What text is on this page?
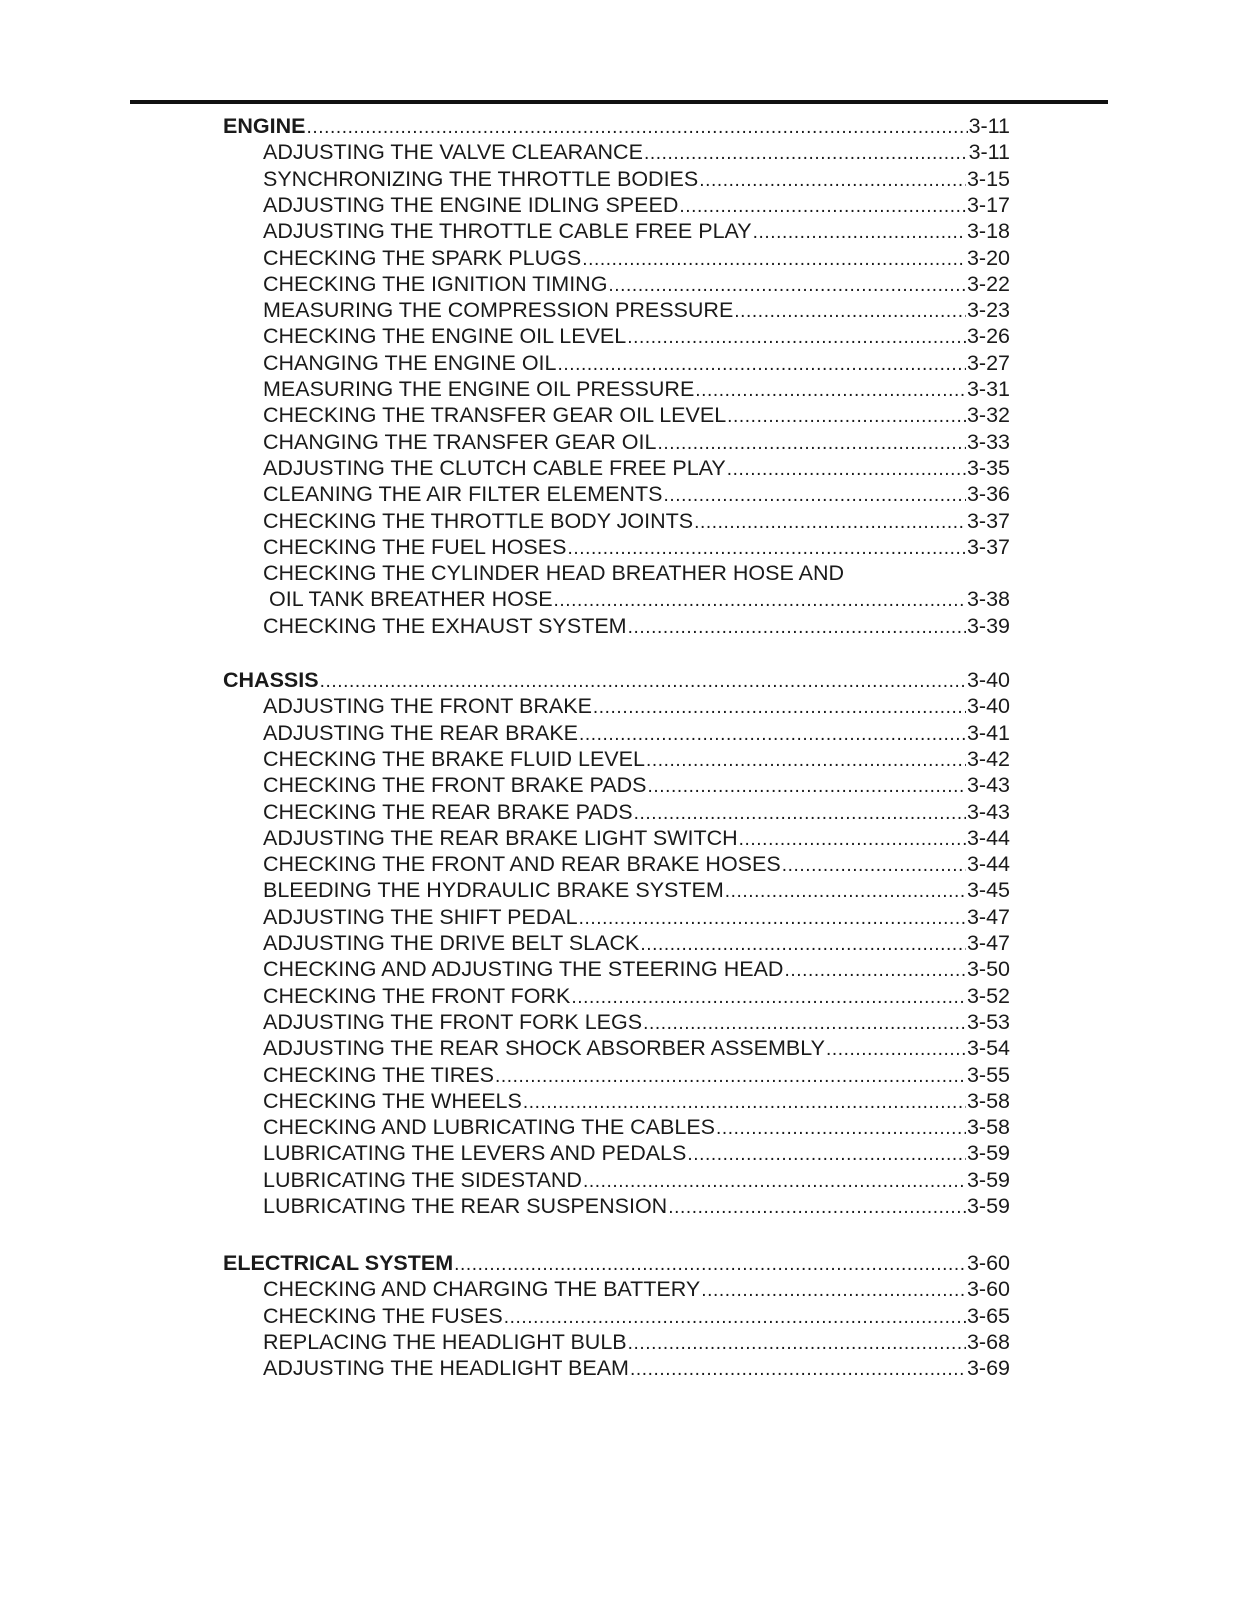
ENGINE .....	3-11
ADJUSTING THE VALVE CLEARANCE .....	3-11
SYNCHRONIZING THE THROTTLE BODIES .....	3-15
ADJUSTING THE ENGINE IDLING SPEED .....	3-17
ADJUSTING THE THROTTLE CABLE FREE PLAY .....	3-18
CHECKING THE SPARK PLUGS .....	3-20
CHECKING THE IGNITION TIMING .....	3-22
MEASURING THE COMPRESSION PRESSURE .....	3-23
CHECKING THE ENGINE OIL LEVEL .....	3-26
CHANGING THE ENGINE OIL .....	3-27
MEASURING THE ENGINE OIL PRESSURE .....	3-31
CHECKING THE TRANSFER GEAR OIL LEVEL .....	3-32
CHANGING THE TRANSFER GEAR OIL .....	3-33
ADJUSTING THE CLUTCH CABLE FREE PLAY .....	3-35
CLEANING THE AIR FILTER ELEMENTS .....	3-36
CHECKING THE THROTTLE BODY JOINTS .....	3-37
CHECKING THE FUEL HOSES .....	3-37
CHECKING THE CYLINDER HEAD BREATHER HOSE AND
OIL TANK BREATHER HOSE .....	3-38
CHECKING THE EXHAUST SYSTEM .....	3-39
CHASSIS .....	3-40
ADJUSTING THE FRONT BRAKE .....	3-40
ADJUSTING THE REAR BRAKE .....	3-41
CHECKING THE BRAKE FLUID LEVEL .....	3-42
CHECKING THE FRONT BRAKE PADS .....	3-43
CHECKING THE REAR BRAKE PADS .....	3-43
ADJUSTING THE REAR BRAKE LIGHT SWITCH .....	3-44
CHECKING THE FRONT AND REAR BRAKE HOSES .....	3-44
BLEEDING THE HYDRAULIC BRAKE SYSTEM .....	3-45
ADJUSTING THE SHIFT PEDAL .....	3-47
ADJUSTING THE DRIVE BELT SLACK .....	3-47
CHECKING AND ADJUSTING THE STEERING HEAD .....	3-50
CHECKING THE FRONT FORK .....	3-52
ADJUSTING THE FRONT FORK LEGS .....	3-53
ADJUSTING THE REAR SHOCK ABSORBER ASSEMBLY .....	3-54
CHECKING THE TIRES .....	3-55
CHECKING THE WHEELS .....	3-58
CHECKING AND LUBRICATING THE CABLES .....	3-58
LUBRICATING THE LEVERS AND PEDALS .....	3-59
LUBRICATING THE SIDESTAND .....	3-59
LUBRICATING THE REAR SUSPENSION .....	3-59
ELECTRICAL SYSTEM .....	3-60
CHECKING AND CHARGING THE BATTERY .....	3-60
CHECKING THE FUSES .....	3-65
REPLACING THE HEADLIGHT BULB .....	3-68
ADJUSTING THE HEADLIGHT BEAM .....	3-69
